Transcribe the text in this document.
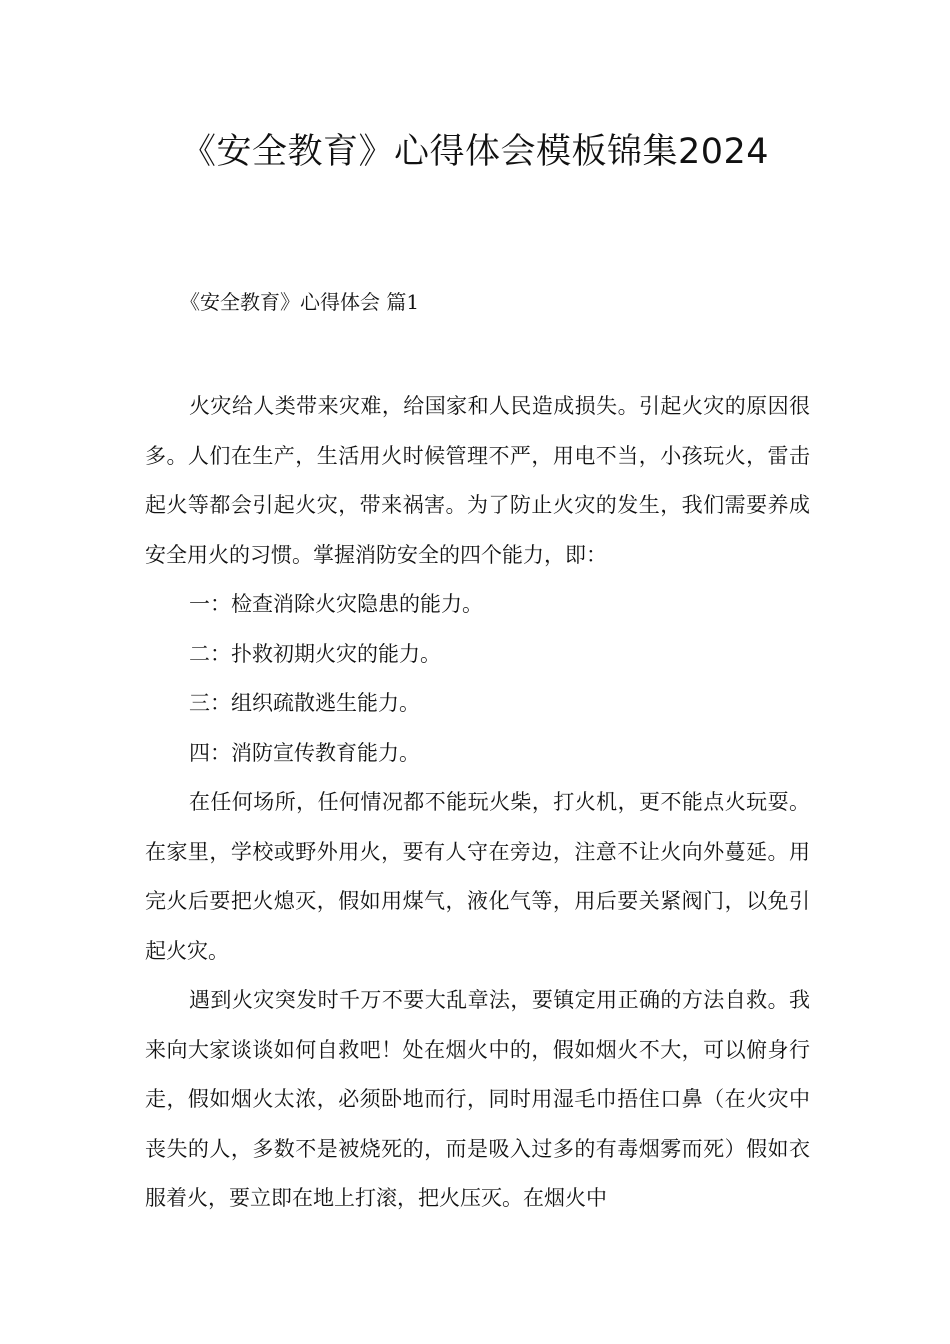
《安全教育》心得体会模板锦集2024
《安全教育》心得体会 篇1

火灾给人类带来灾难，给国家和人民造成损失。引起火灾的原因很多。人们在生产，生活用火时候管理不严，用电不当，小孩玩火，雷击起火等都会引起火灾，带来祸害。为了防止火灾的发生，我们需要养成安全用火的习惯。掌握消防安全的四个能力，即：

一：检查消除火灾隐患的能力。

二：扑救初期火灾的能力。

三：组织疏散逃生能力。

四：消防宣传教育能力。

在任何场所，任何情况都不能玩火柴，打火机，更不能点火玩耍。在家里，学校或野外用火，要有人守在旁边，注意不让火向外蔓延。用完火后要把火熄灭，假如用煤气，液化气等，用后要关紧阀门，以免引起火灾。

遇到火灾突发时千万不要大乱章法，要镇定用正确的方法自救。我来向大家谈谈如何自救吧！处在烟火中的，假如烟火不大，可以俯身行走，假如烟火太浓，必须卧地而行，同时用湿毛巾捂住口鼻（在火灾中丧失的人，多数不是被烧死的，而是吸入过多的有毒烟雾而死）假如衣服着火，要立即在地上打滚，把火压灭。在烟火中
